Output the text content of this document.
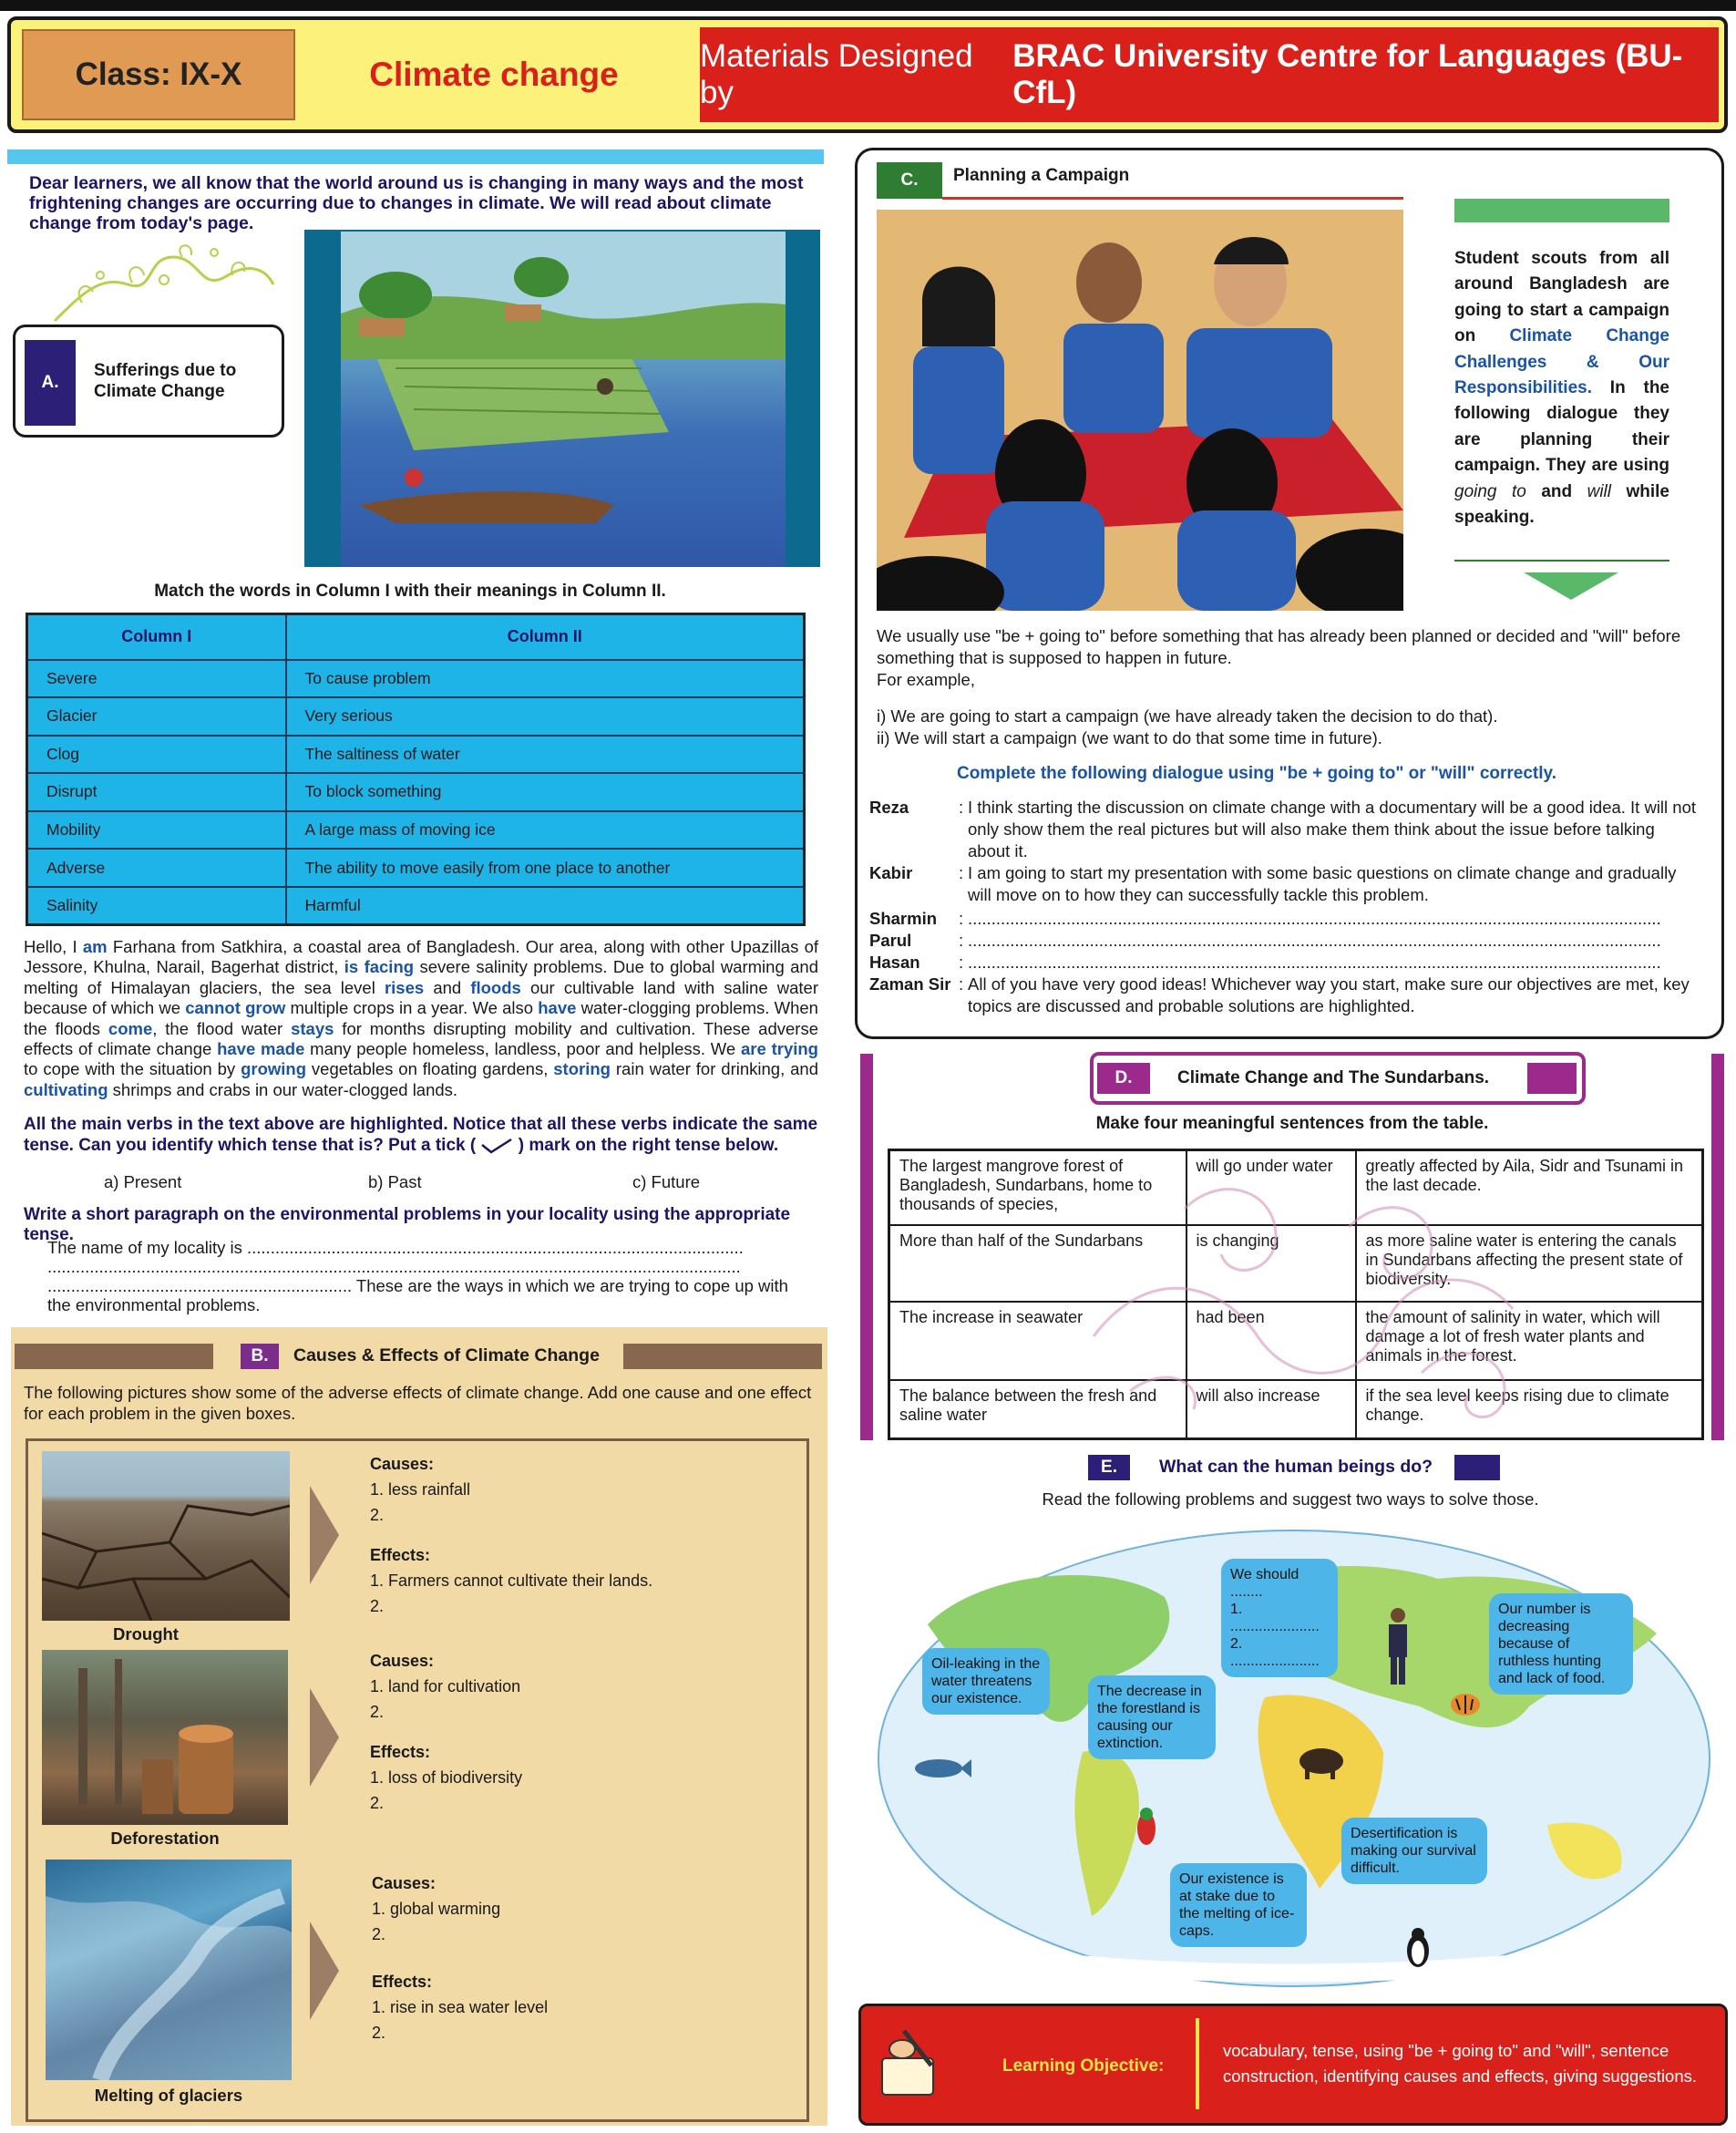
Class: IX-X	Climate change	Materials Designed by
BRAC University Centre for Languages (BU-CfL)
Dear learners, we all know that the world around us is changing in many ways and the most frightening changes are occurring due to changes in climate. We will read about climate change from today's page.
A.
Sufferings due to Climate Change
Match the words in Column I with their meanings in Column II.
Column I	Column II
Severe	To cause problem
Glacier	Very serious
Clog	The saltiness of water
Disrupt	To block something
Mobility	A large mass of moving ice
Adverse	The ability to move easily from one place to another
Salinity	Harmful
Hello, I am Farhana from Satkhira, a coastal area of Bangladesh. Our area, along with other Upazillas of Jessore, Khulna, Narail, Bagerhat district, is facing severe salinity problems. Due to global warming and melting of Himalayan glaciers, the sea level rises and floods our cultivable land with saline water because of which we cannot grow multiple crops in a year. We also have water-clogging problems. When the floods come, the flood water stays for months disrupting mobility and cultivation. These adverse effects of climate change have made many people homeless, landless, poor and helpless. We are trying to cope with the situation by growing vegetables on floating gardens, storing rain water for drinking, and cultivating shrimps and crabs in our water-clogged lands.
All the main verbs in the text above are highlighted. Notice that all these verbs indicate the same tense. Can you identify which tense that is? Put a tick ( ) mark on the right tense below.
a) Present	b) Past	c) Future
Write a short paragraph on the environmental problems in your locality using the appropriate tense.
The name of my locality is ..........................................................................................................
....................................................................................................................................................
................................................................. These are the ways in which we are trying to cope up with the environmental problems.
B.	Causes & Effects of Climate Change
The following pictures show some of the adverse effects of climate change. Add one cause and one effect for each problem in the given boxes.
Drought
Causes:
1. less rainfall
2.
Effects:
1. Farmers cannot cultivate their lands.
2.
Deforestation
Causes:
1. land for cultivation
2.
Effects:
1. loss of biodiversity
2.
Melting of glaciers
Causes:
1. global warming
2.
Effects:
1. rise in sea water level
2.
C.	Planning a Campaign
Student scouts from all around Bangladesh are going to start a campaign on Climate Change Challenges & Our Responsibilities. In the following dialogue they are planning their campaign. They are using going to and will while speaking.
We usually use "be + going to" before something that has already been planned or decided and "will" before something that is supposed to happen in future.
For example,
i) We are going to start a campaign (we have already taken the decision to do that).
ii) We will start a campaign (we want to do that some time in future).
Complete the following dialogue using "be + going to" or "will" correctly.
Reza	: I think starting the discussion on climate change with a documentary will be a good idea. It will not only show them the real pictures but will also make them think about the issue before talking about it.
Kabir	: I am going to start my presentation with some basic questions on climate change and gradually will move on to how they can successfully tackle this problem.
Sharmin	: ....................................................................................................................................................
Parul	: ....................................................................................................................................................
Hasan	: ....................................................................................................................................................
Zaman Sir : All of you have very good ideas! Whichever way you start, make sure our objectives are met, key topics are discussed and probable solutions are highlighted.
D.	Climate Change and The Sundarbans.
Make four meaningful sentences from the table.
The largest mangrove forest of Bangladesh, Sundarbans, home to thousands of species,	will go under water	greatly affected by Aila, Sidr and Tsunami in the last decade.
More than half of the Sundarbans	is changing	as more saline water is entering the canals in Sundarbans affecting the present state of biodiversity.
The increase in seawater	had been	the amount of salinity in water, which will damage a lot of fresh water plants and animals in the forest.
The balance between the fresh and saline water	will also increase	if the sea level keeps rising due to climate change.
E.	What can the human beings do?
Read the following problems and suggest two ways to solve those.
We should ........
1. ......................
2. ......................
Our number is decreasing because of ruthless hunting and lack of food.
Oil-leaking in the water threatens our existence.	The decrease in the forestland is causing our extinction.
Desertification is making our survival difficult.
Our existence is at stake due to the melting of ice-caps.
Learning Objective:
vocabulary, tense, using "be + going to" and "will", sentence construction, identifying causes and effects, giving suggestions.
